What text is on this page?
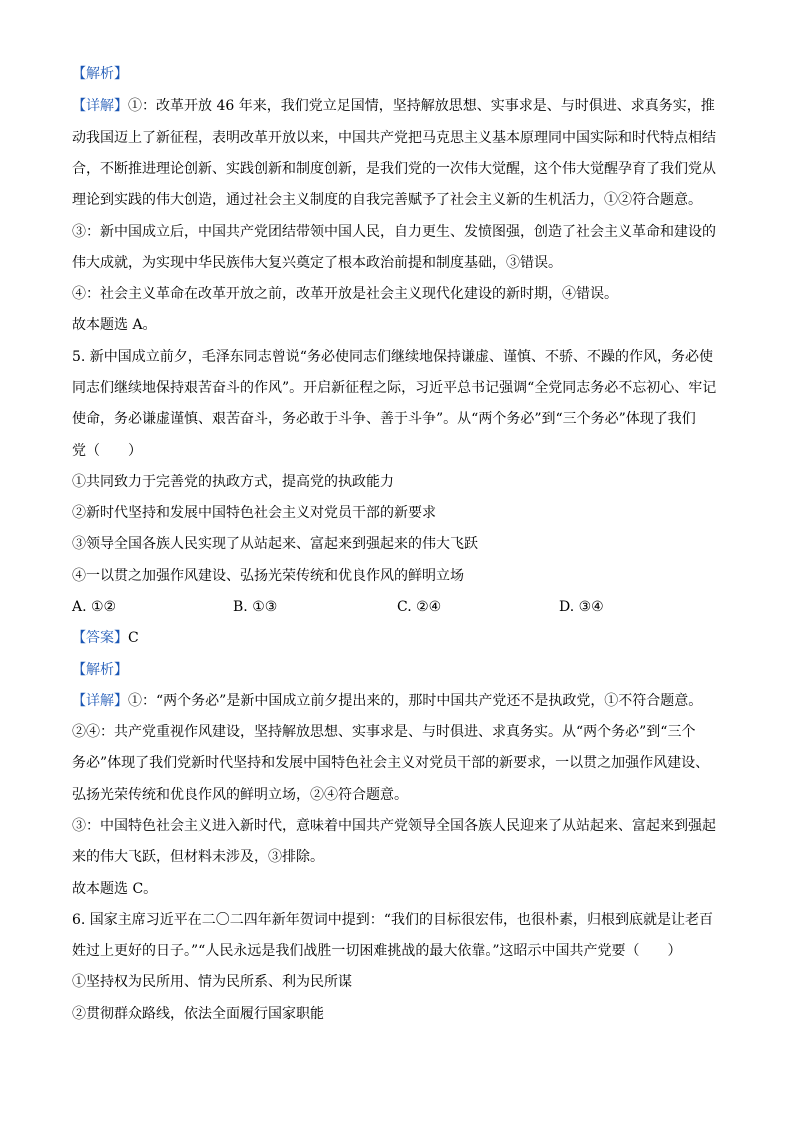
【解析】
【详解】①：改革开放 46 年来，我们党立足国情，坚持解放思想、实事求是、与时俱进、求真务实，推
动我国迈上了新征程，表明改革开放以来，中国共产党把马克思主义基本原理同中国实际和时代特点相结
合，不断推进理论创新、实践创新和制度创新，是我们党的一次伟大觉醒，这个伟大觉醒孕育了我们党从
理论到实践的伟大创造，通过社会主义制度的自我完善赋予了社会主义新的生机活力，①②符合题意。
③：新中国成立后，中国共产党团结带领中国人民，自力更生、发愤图强，创造了社会主义革命和建设的
伟大成就，为实现中华民族伟大复兴奠定了根本政治前提和制度基础，③错误。
④：社会主义革命在改革开放之前，改革开放是社会主义现代化建设的新时期，④错误。
故本题选 A。
5. 新中国成立前夕，毛泽东同志曾说“务必使同志们继续地保持谦虚、谨慎、不骄、不躁的作风，务必使
同志们继续地保持艰苦奋斗的作风”。开启新征程之际，习近平总书记强调“全党同志务必不忘初心、牢记
使命，务必谦虚谨慎、艰苦奋斗，务必敢于斗争、善于斗争”。从“两个务必”到“三个务必”体现了我们
党（　　）
①共同致力于完善党的执政方式，提高党的执政能力
②新时代坚持和发展中国特色社会主义对党员干部的新要求
③领导全国各族人民实现了从站起来、富起来到强起来的伟大飞跃
④一以贯之加强作风建设、弘扬光荣传统和优良作风的鲜明立场
【答案】C
【解析】
【详解】①：“两个务必”是新中国成立前夕提出来的，那时中国共产党还不是执政党，①不符合题意。
②④：共产党重视作风建设，坚持解放思想、实事求是、与时俱进、求真务实。从“两个务必”到“三个
务必”体现了我们党新时代坚持和发展中国特色社会主义对党员干部的新要求，一以贯之加强作风建设、
弘扬光荣传统和优良作风的鲜明立场，②④符合题意。
③：中国特色社会主义进入新时代，意味着中国共产党领导全国各族人民迎来了从站起来、富起来到强起
来的伟大飞跃，但材料未涉及，③排除。
故本题选 C。
6. 国家主席习近平在二〇二四年新年贺词中提到：“我们的目标很宏伟，也很朴素，归根到底就是让老百
姓过上更好的日子。”“人民永远是我们战胜一切困难挑战的最大依靠。”这昭示中国共产党要（　　）
①坚持权为民所用、情为民所系、利为民所谋
②贯彻群众路线，依法全面履行国家职能
A. ①②	B. ①③	C. ②④	D. ③④
